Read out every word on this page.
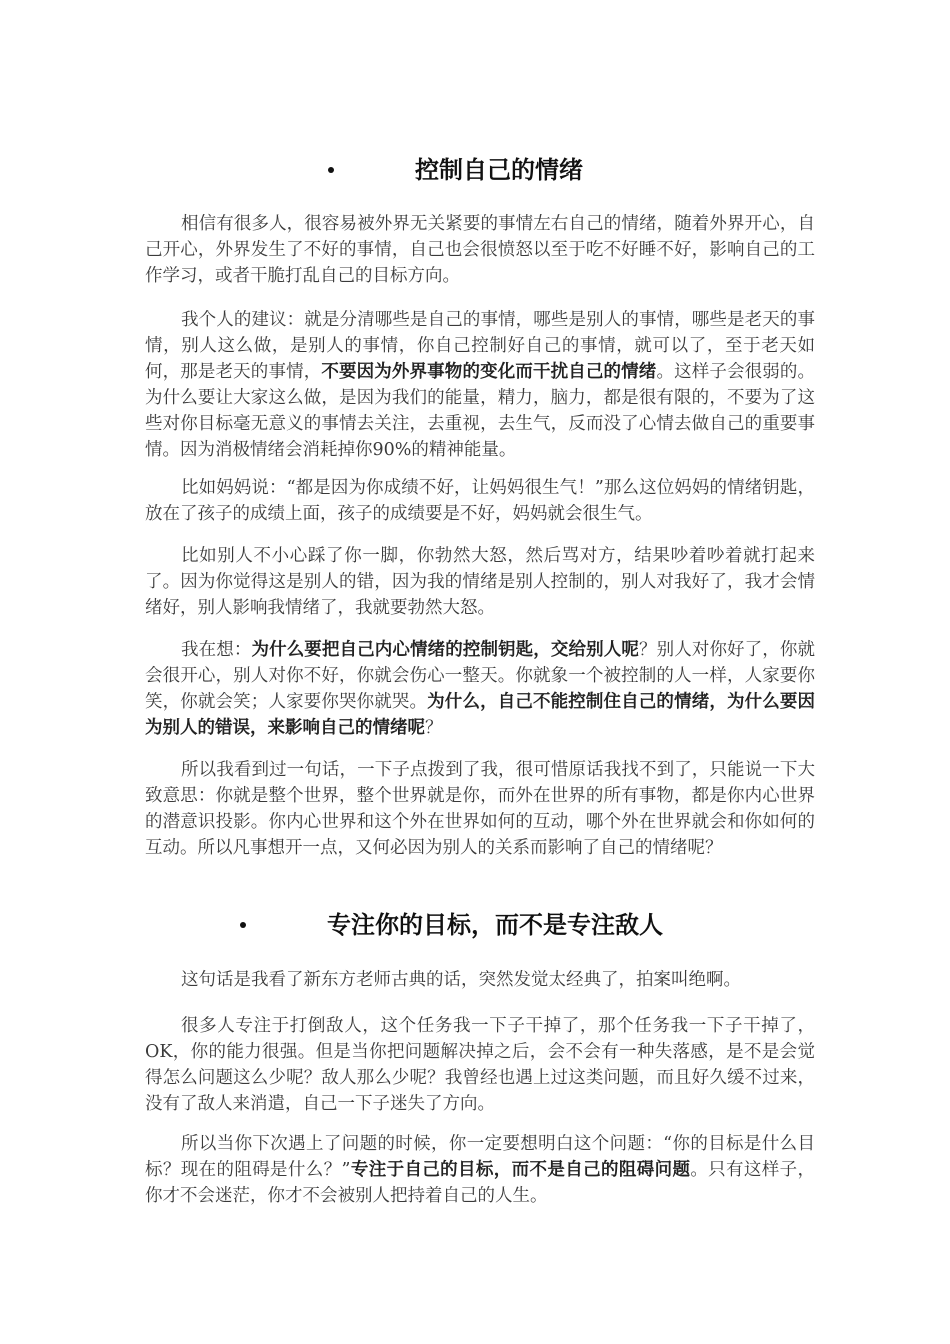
控制自己的情绪

相信有很多人，很容易被外界无关紧要的事情左右自己的情绪，随着外界开心，自己开心，外界发生了不好的事情，自己也会很愤怒以至于吃不好睡不好，影响自己的工作学习，或者干脆打乱自己的目标方向。

我个人的建议：就是分清哪些是自己的事情，哪些是别人的事情，哪些是老天的事情，别人这么做，是别人的事情，你自己控制好自己的事情，就可以了，至于老天如何，那是老天的事情，不要因为外界事物的变化而干扰自己的情绪。这样子会很弱的。为什么要让大家这么做，是因为我们的能量，精力，脑力，都是很有限的，不要为了这些对你目标毫无意义的事情去关注，去重视，去生气，反而没了心情去做自己的重要事情。因为消极情绪会消耗掉你90%的精神能量。

比如妈妈说：“都是因为你成绩不好，让妈妈很生气！”那么这位妈妈的情绪钥匙，放在了孩子的成绩上面，孩子的成绩要是不好，妈妈就会很生气。

比如别人不小心踩了你一脚，你勃然大怒，然后骂对方，结果吵着吵着就打起来了。因为你觉得这是别人的错，因为我的情绪是别人控制的，别人对我好了，我才会情绪好，别人影响我情绪了，我就要勃然大怒。

我在想：为什么要把自己内心情绪的控制钥匙，交给别人呢？别人对你好了，你就会很开心，别人对你不好，你就会伤心一整天。你就象一个被控制的人一样，人家要你笑，你就会笑；人家要你哭你就哭。为什么，自己不能控制住自己的情绪，为什么要因为别人的错误，来影响自己的情绪呢？

所以我看到过一句话，一下子点拨到了我，很可惜原话我找不到了，只能说一下大致意思：你就是整个世界，整个世界就是你，而外在世界的所有事物，都是你内心世界的潜意识投影。你内心世界和这个外在世界如何的互动，哪个外在世界就会和你如何的互动。所以凡事想开一点，又何必因为别人的关系而影响了自己的情绪呢？

专注你的目标，而不是专注敌人

这句话是我看了新东方老师古典的话，突然发觉太经典了，拍案叫绝啊。

很多人专注于打倒敌人，这个任务我一下子干掉了，那个任务我一下子干掉了，OK，你的能力很强。但是当你把问题解决掉之后，会不会有一种失落感，是不是会觉得怎么问题这么少呢？敌人那么少呢？我曾经也遇上过这类问题，而且好久缓不过来，没有了敌人来消遣，自己一下子迷失了方向。

所以当你下次遇上了问题的时候，你一定要想明白这个问题：“你的目标是什么目标？现在的阻碍是什么？”专注于自己的目标，而不是自己的阻碍问题。只有这样子，你才不会迷茫，你才不会被别人把持着自己的人生。
